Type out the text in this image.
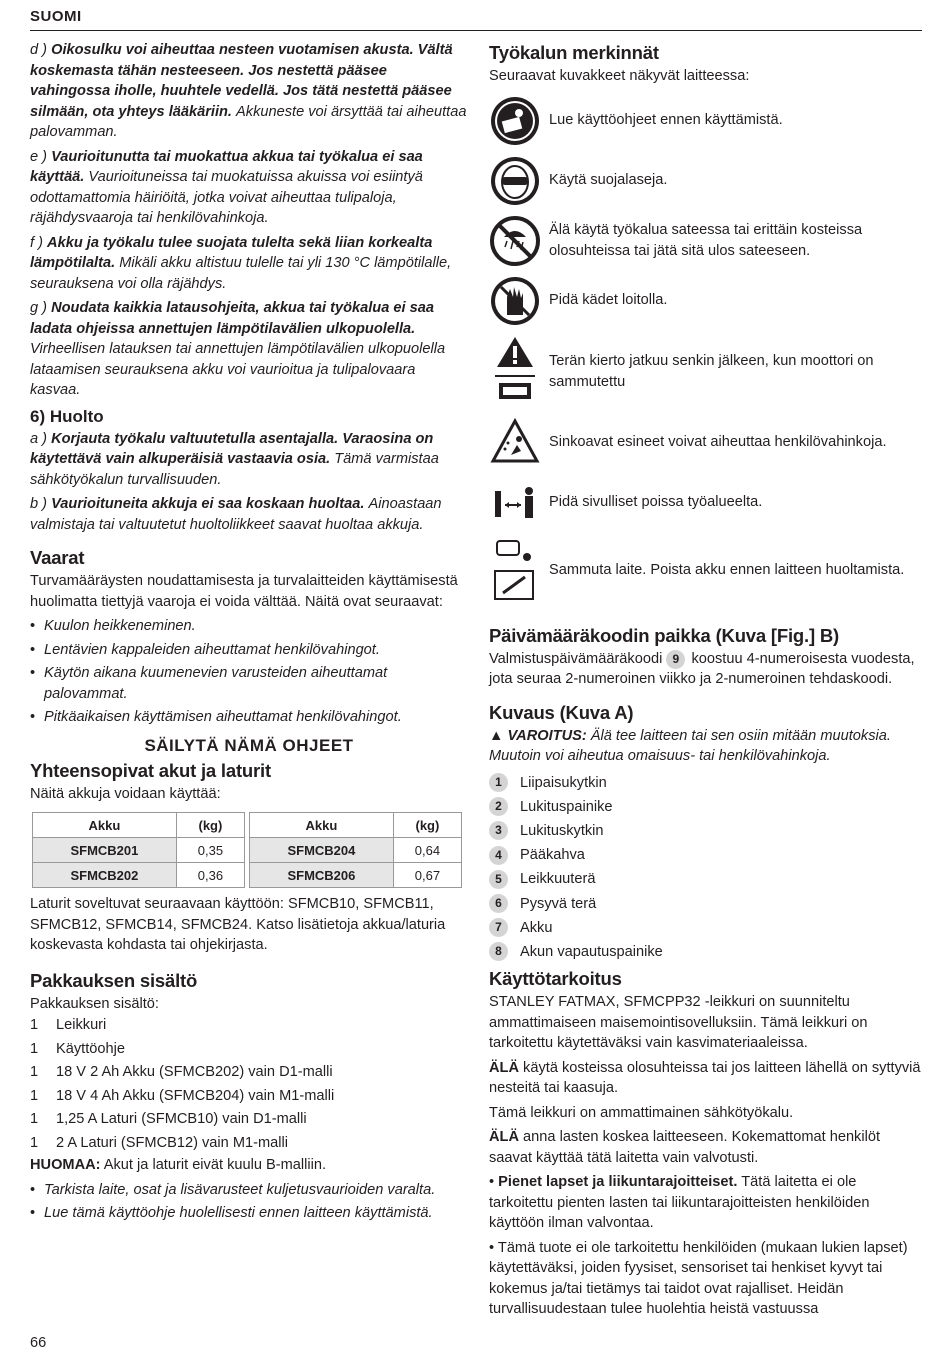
SUOMI

d ) Oikosulku voi aiheuttaa nesteen vuotamisen akusta. Vältä koskemasta tähän nesteeseen. Jos nestettä pääsee vahingossa iholle, huuhtele vedellä. Jos tätä nestettä pääsee silmään, ota yhteys lääkäriin. Akkuneste voi ärsyttää tai aiheuttaa palovamman.

e ) Vaurioitunutta tai muokattua akkua tai työkalua ei saa käyttää. Vaurioituneissa tai muokatuissa akuissa voi esiintyä odottamattomia häiriöitä, jotka voivat aiheuttaa tulipaloja, räjähdysvaaroja tai henkilövahinkoja.

f ) Akku ja työkalu tulee suojata tulelta sekä liian korkealta lämpötilalta. Mikäli akku altistuu tulelle tai yli 130 °C lämpötilalle, seurauksena voi olla räjähdys.

g ) Noudata kaikkia latausohjeita, akkua tai työkalua ei saa ladata ohjeissa annettujen lämpötilavälien ulkopuolella. Virheellisen latauksen tai annettujen lämpötilavälien ulkopuolella lataamisen seurauksena akku voi vaurioitua ja tulipalovaara kasvaa.

6) Huolto

a ) Korjauta työkalu valtuutetulla asentajalla. Varaosina on käytettävä vain alkuperäisiä vastaavia osia. Tämä varmistaa sähkötyökalun turvallisuuden.

b ) Vaurioituneita akkuja ei saa koskaan huoltaa. Ainoastaan valmistaja tai valtuutetut huoltoliikkeet saavat huoltaa akkuja.

Vaarat

Turvamääräysten noudattamisesta ja turvalaitteiden käyttämisestä huolimatta tiettyjä vaaroja ei voida välttää. Näitä ovat seuraavat:

• Kuulon heikkeneminen.
• Lentävien kappaleiden aiheuttamat henkilövahingot.
• Käytön aikana kuumenevien varusteiden aiheuttamat palovammat.
• Pitkäaikaisen käyttämisen aiheuttamat henkilövahingot.
SÄILYTÄ NÄMÄ OHJEET
Yhteensopivat akut ja laturit

Näitä akkuja voidaan käyttää:

Akku	(kg)		Akku	(kg)
SFMCB201	0,35		SFMCB204	0,64
SFMCB202	0,36		SFMCB206	0,67

Laturit soveltuvat seuraavaan käyttöön: SFMCB10, SFMCB11, SFMCB12, SFMCB14, SFMCB24. Katso lisätietoja akkua/laturia koskevasta kohdasta tai ohjekirjasta.

Pakkauksen sisältö

Pakkauksen sisältö:

1	Leikkuri
1	Käyttöohje
1	18 V 2 Ah Akku (SFMCB202) vain D1-malli
1	18 V 4 Ah Akku (SFMCB204) vain M1-malli
1	1,25 A Laturi (SFMCB10) vain D1-malli
1	2 A Laturi (SFMCB12) vain M1-malli

HUOMAA: Akut ja laturit eivät kuulu B-malliin.

• Tarkista laite, osat ja lisävarusteet kuljetusvaurioiden varalta.
• Lue tämä käyttöohje huolellisesti ennen laitteen käyttämistä.
Työkalun merkinnät

Seuraavat kuvakkeet näkyvät laitteessa:

Lue käyttöohjeet ennen käyttämistä.
Käytä suojalaseja.
Älä käytä työkalua sateessa tai erittäin kosteissa olosuhteissa tai jätä sitä ulos sateeseen.
Pidä kädet loitolla.
Terän kierto jatkuu senkin jälkeen, kun moottori on sammutettu
Sinkoavat esineet voivat aiheuttaa henkilövahinkoja.
Pidä sivulliset poissa työalueelta.
Sammuta laite. Poista akku ennen laitteen huoltamista.
Päivämääräkoodin paikka (Kuva [Fig.] B)

Valmistuspäivämääräkoodi 9 koostuu 4-numeroisesta vuodesta, jota seuraa 2-numeroinen viikko ja 2-numeroinen tehdaskoodi.

Kuvaus (Kuva A)

▲ VAROITUS: Älä tee laitteen tai sen osiin mitään muutoksia. Muutoin voi aiheutua omaisuus- tai henkilövahinkoja.

1	Liipaisukytkin
2	Lukituspainike
3	Lukituskytkin
4	Pääkahva
5	Leikkuuterä
6	Pysyvä terä
7	Akku
8	Akun vapautuspainike
Käyttötarkoitus

STANLEY FATMAX, SFMCPP32 -leikkuri on suunniteltu ammattimaiseen maisemointisovelluksiin. Tämä leikkuri on tarkoitettu käytettäväksi vain kasvimateriaaleissa.

ÄLÄ käytä kosteissa olosuhteissa tai jos laitteen lähellä on syttyviä nesteitä tai kaasuja.

Tämä leikkuri on ammattimainen sähkötyökalu.

ÄLÄ anna lasten koskea laitteeseen. Kokemattomat henkilöt saavat käyttää tätä laitetta vain valvotusti.

• Pienet lapset ja liikuntarajoitteiset. Tätä laitetta ei ole tarkoitettu pienten lasten tai liikuntarajoitteisten henkilöiden käyttöön ilman valvontaa.

• Tämä tuote ei ole tarkoitettu henkilöiden (mukaan lukien lapset) käytettäväksi, joiden fyysiset, sensoriset tai henkiset kyvyt tai kokemus ja/tai tietämys tai taidot ovat rajalliset. Heidän turvallisuudestaan tulee huolehtia heistä vastuussa

66
